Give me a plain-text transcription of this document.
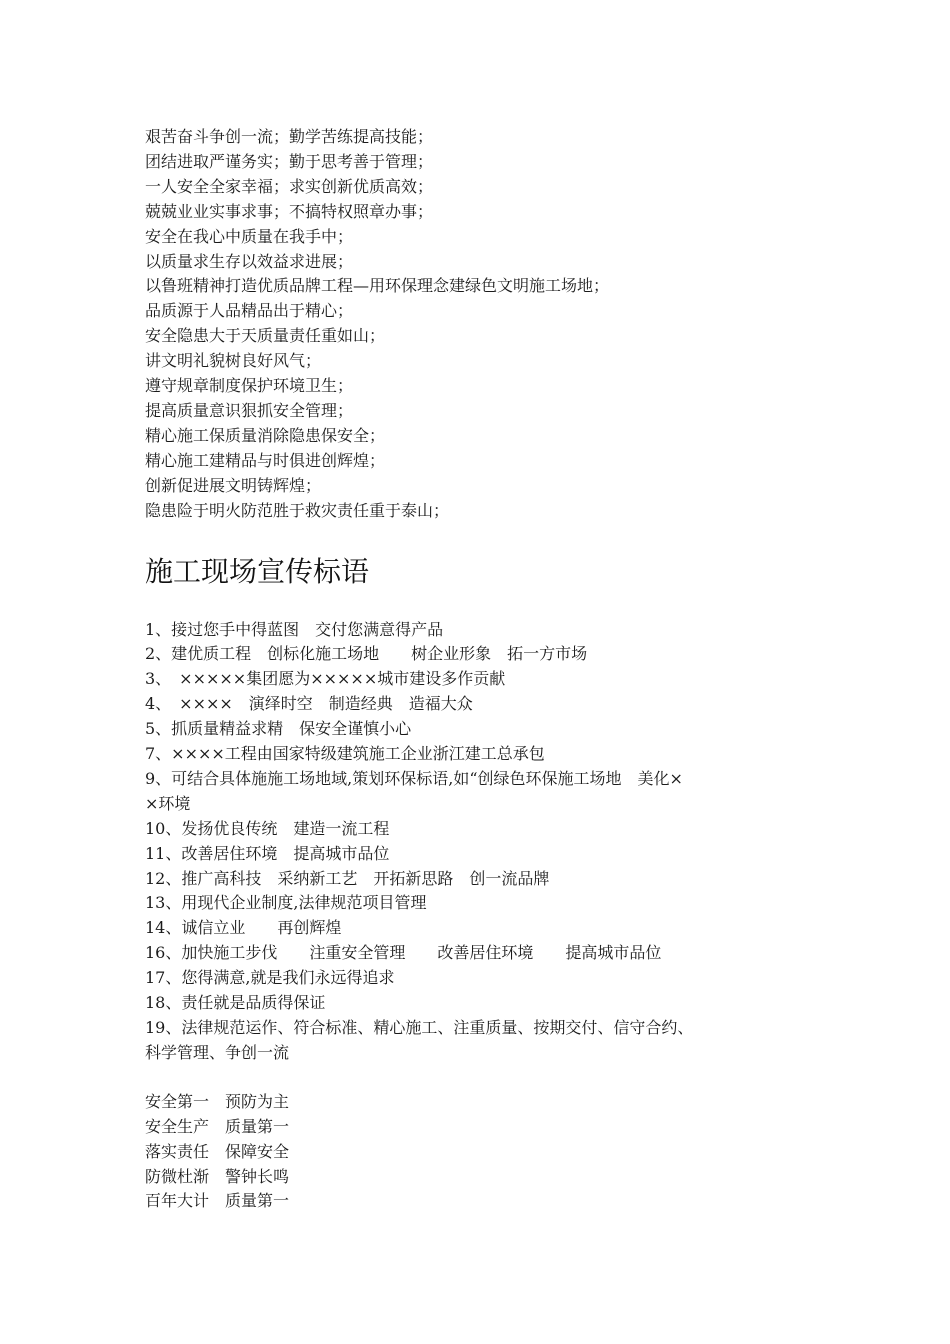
艰苦奋斗争创一流；勤学苦练提高技能；

团结进取严谨务实；勤于思考善于管理；

一人安全全家幸福；求实创新优质高效；

兢兢业业实事求事；不搞特权照章办事；

安全在我心中质量在我手中；

以质量求生存以效益求进展；

以鲁班精神打造优质品牌工程—用环保理念建绿色文明施工场地；

品质源于人品精品出于精心；

安全隐患大于天质量责任重如山；

讲文明礼貌树良好风气；

遵守规章制度保护环境卫生；

提高质量意识狠抓安全管理；

精心施工保质量消除隐患保安全；

精心施工建精品与时俱进创辉煌；

创新促进展文明铸辉煌；

隐患险于明火防范胜于救灾责任重于泰山；

施工现场宣传标语

1、接过您手中得蓝图　交付您满意得产品

2、建优质工程　创标化施工场地　　树企业形象　拓一方市场

3、　×××××集团愿为×××××城市建设多作贡献

4、　××××　演绎时空　制造经典　造福大众

5、抓质量精益求精　保安全谨慎小心

7、××××工程由国家特级建筑施工企业浙江建工总承包

9、可结合具体施施工场地域,策划环保标语,如“创绿色环保施工场地　美化×

×环境

10、发扬优良传统　建造一流工程

11、改善居住环境　提高城市品位

12、推广高科技　采纳新工艺　开拓新思路　创一流品牌

13、用现代企业制度,法律规范项目管理

14、诚信立业　　再创辉煌

16、加快施工步伐　　注重安全管理　　改善居住环境　　提高城市品位

17、您得满意,就是我们永远得追求

18、责任就是品质得保证

19、法律规范运作、符合标准、精心施工、注重质量、按期交付、信守合约、

科学管理、争创一流

安全第一　预防为主

安全生产　质量第一

落实责任　保障安全

防微杜渐　警钟长鸣

百年大计　质量第一
